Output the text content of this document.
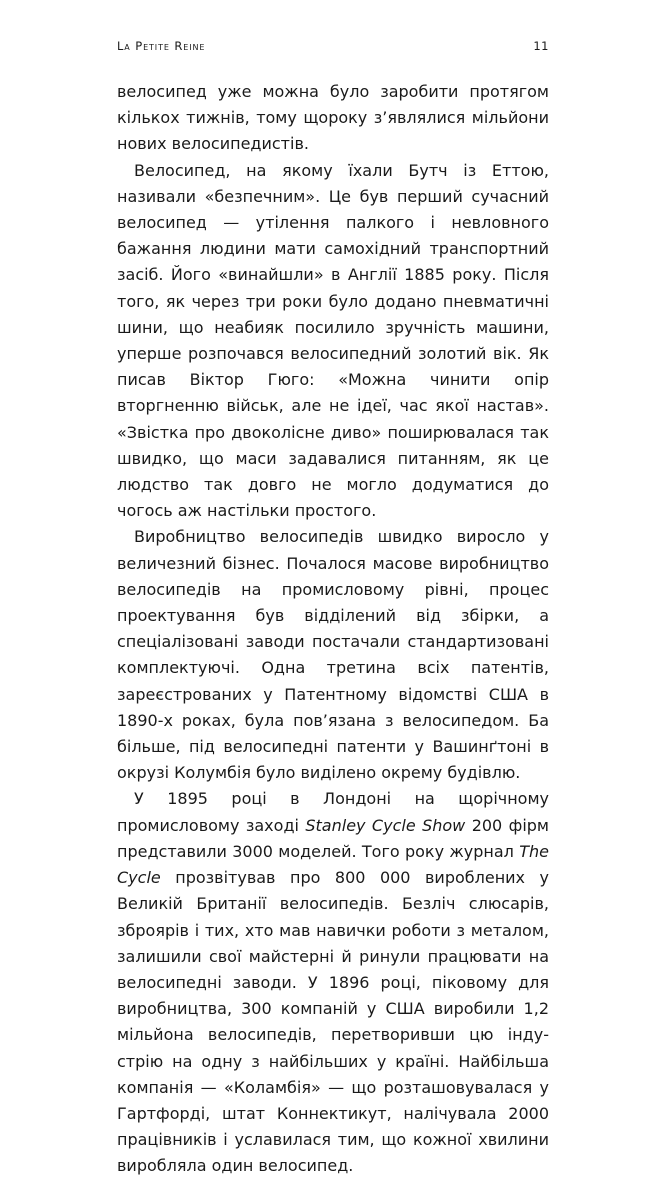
La Petite Reine	11

велосипед уже можна було заробити протягом кількох тижнів, тому щороку з’являлися мільйони нових велосипедистів.

Велосипед, на якому їхали Бутч із Еттою, називали «безпечним». Це був перший сучасний велосипед — утілення палкого і невловного бажання людини мати самохідний транспортний засіб. Його «винайшли» в Англії 1885 року. Після того, як через три роки було додано пневматичні шини, що неабияк посилило зручність машини, уперше розпочався велосипедний золотий вік. Як писав Віктор Гюго: «Можна чинити опір вторгненню військ, але не ідеї, час якої настав». «Звістка про двоколісне диво» поширювалася так швидко, що маси задавалися питанням, як це людство так довго не могло додуматися до чогось аж настільки простого.

Виробництво велосипедів швидко виросло у величезний бізнес. Почалося масове виробництво велосипедів на промисловому рівні, процес проектування був відділений від збірки, а спеціалізовані заводи постачали стандартизовані комплектуючі. Одна третина всіх патентів, зареєстрованих у Патентному відомстві США в 1890-х роках, була пов’язана з велосипедом. Ба більше, під велосипедні патенти у Вашинґтоні в окрузі Колумбія було виділено окрему будівлю.

У 1895 році в Лондоні на щорічному промисловому заході Stanley Cycle Show 200 фірм представили 3000 моделей. Того року журнал The Cycle прозвітував про 800 000 вироблених у Великій Британії велосипедів. Безліч слюсарів, зброярів і тих, хто мав навички роботи з металом, залишили свої майстерні й ринули працювати на велосипедні заводи. У 1896 році, піковому для виробництва, 300 компаній у США виробили 1,2 мільйона велосипедів, перетворивши цю індустрію на одну з найбільших у країні. Найбільша компанія — «Коламбія» — що розташовувалася у Гартфорді, штат Коннектикут, налічувала 2000 працівників і уславилася тим, що кожної хвилини виробляла один велосипед.
